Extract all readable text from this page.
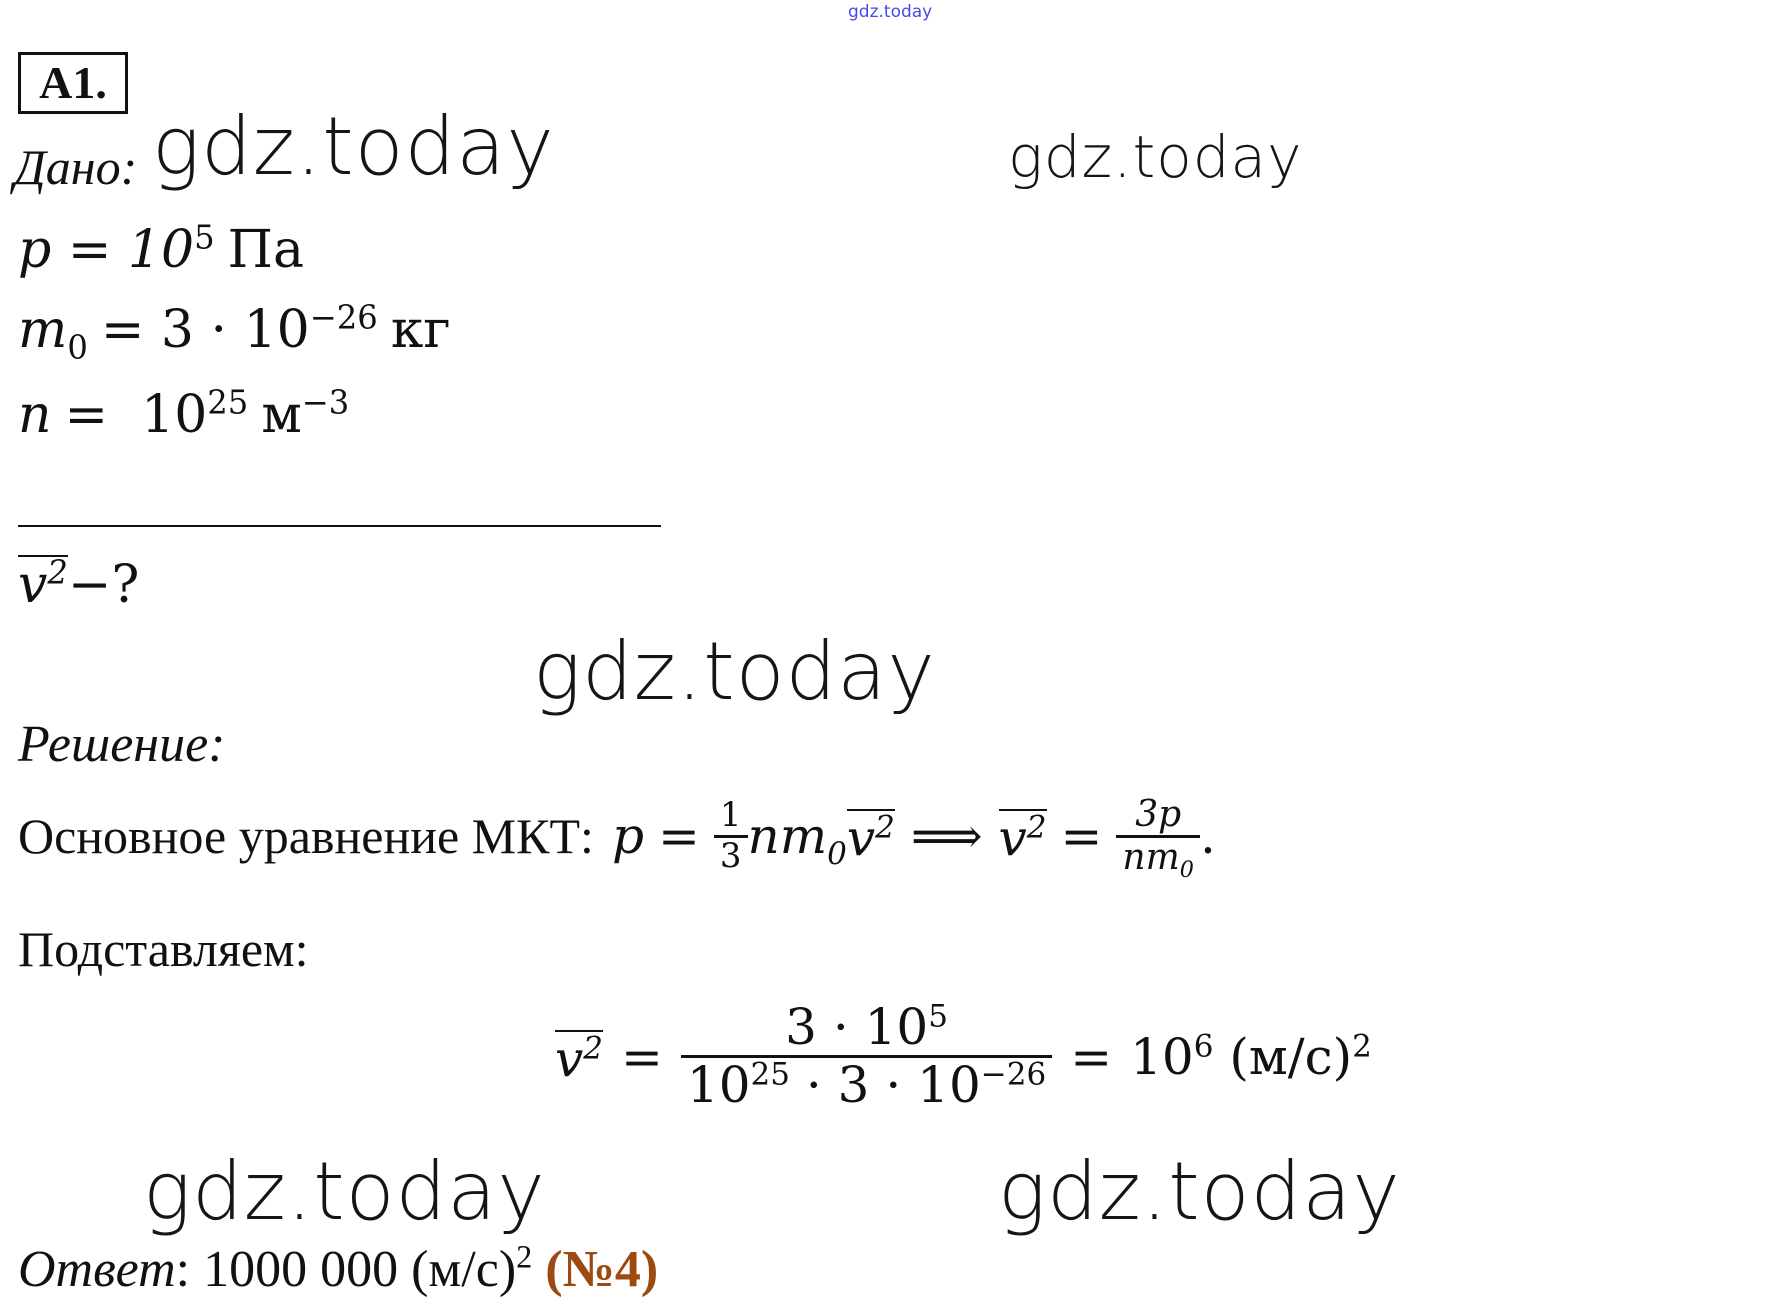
gdz.today
A1.
Дано:
$p = 10^5$ Па
$m_0 = 3 \cdot 10^{-26}$ кг
$n = 10^{25}$ $м^{-3}$
$v^2-$?
Решение:
Основное уравнение МКТ: $p = \frac{1}{3} nm_0$ $v^2$ ⟹ $v^2 = \frac{3p}{nm_0}$ .
Подставляем:
$v^2 = \frac{3 \cdot 10^5}{10^{25} \cdot 3 \cdot 10^{-26}} = 10^6$ $(м/с)^2$
Ответ: 1000 000 $(м/с)^2$ (№4)
gdz.today	gdz.today
gdz.today
gdz.today	gdz.today
